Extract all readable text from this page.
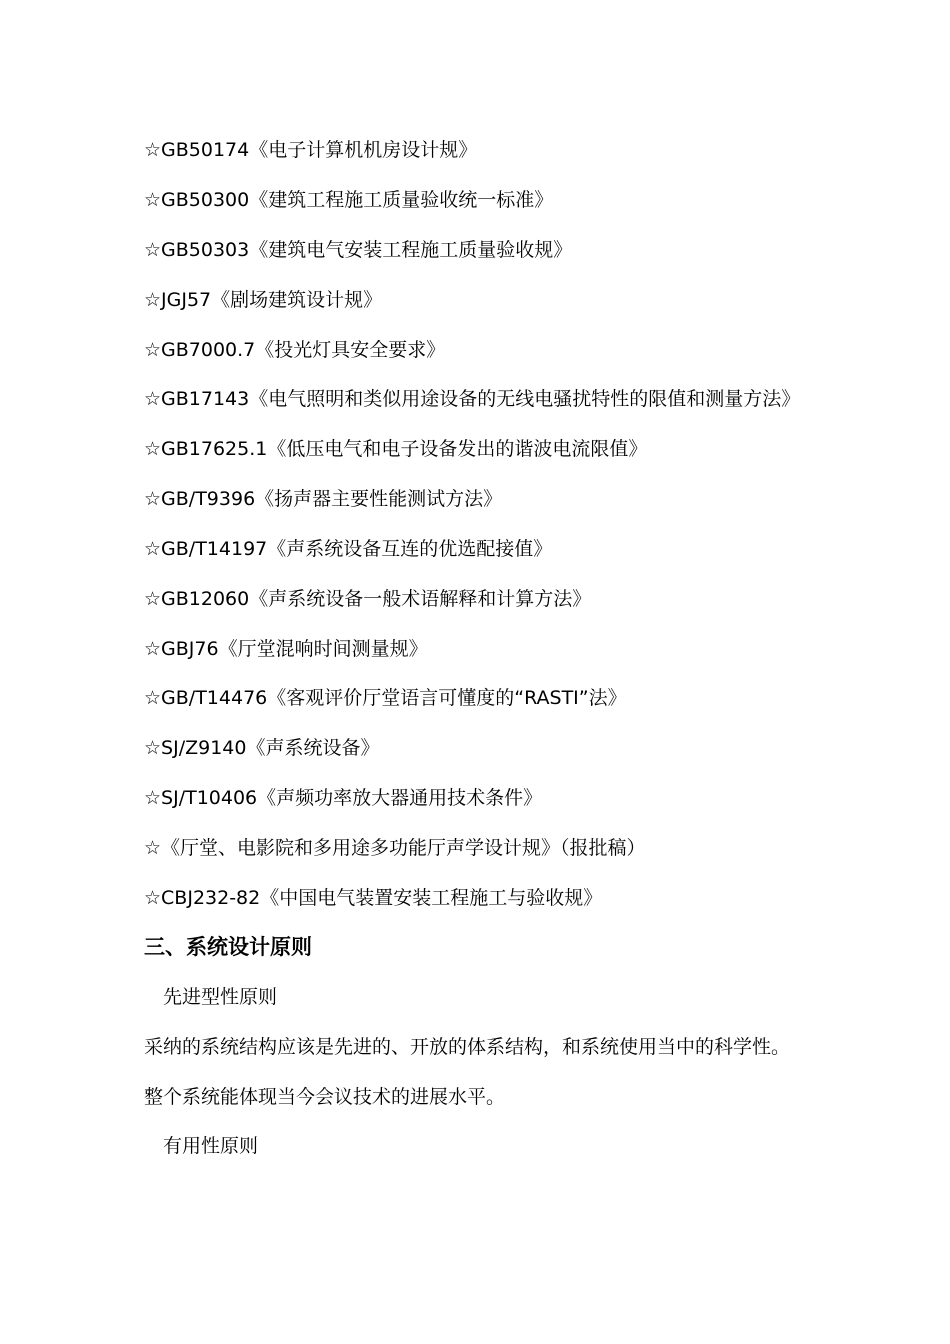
☆GB50174《电子计算机机房设计规》
☆GB50300《建筑工程施工质量验收统一标准》
☆GB50303《建筑电气安装工程施工质量验收规》
☆JGJ57《剧场建筑设计规》
☆GB7000.7《投光灯具安全要求》
☆GB17143《电气照明和类似用途设备的无线电骚扰特性的限值和测量方法》
☆GB17625.1《低压电气和电子设备发出的谐波电流限值》
☆GB/T9396《扬声器主要性能测试方法》
☆GB/T14197《声系统设备互连的优选配接值》
☆GB12060《声系统设备一般术语解释和计算方法》
☆GBJ76《厅堂混响时间测量规》
☆GB/T14476《客观评价厅堂语言可懂度的“RASTI”法》
☆SJ/Z9140《声系统设备》
☆SJ/T10406《声频功率放大器通用技术条件》
☆《厅堂、电影院和多用途多功能厅声学设计规》（报批稿）
☆CBJ232-82《中国电气装置安装工程施工与验收规》
三、系统设计原则
先进型性原则
采纳的系统结构应该是先进的、开放的体系结构，和系统使用当中的科学性。
整个系统能体现当今会议技术的进展水平。
有用性原则
